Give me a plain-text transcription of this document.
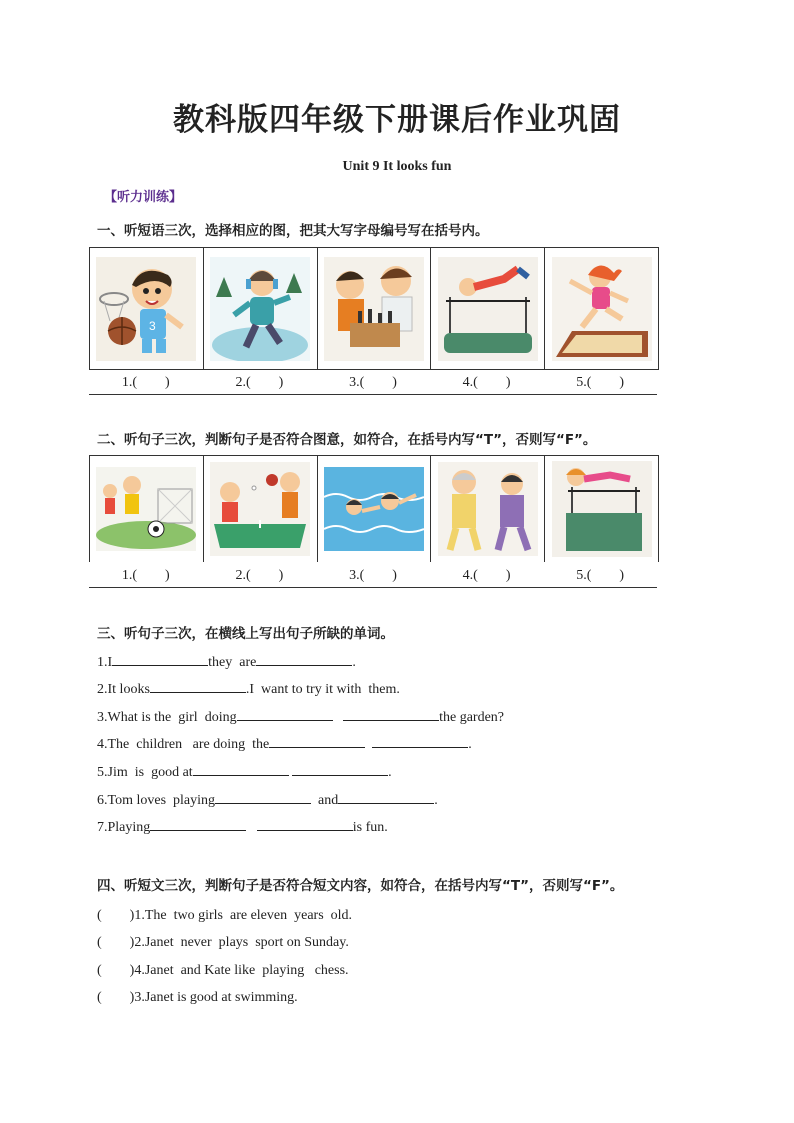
教科版四年级下册课后作业巩固
Unit 9 It looks fun
【听力训练】
一、听短语三次，选择相应的图，把其大写字母编号写在括号内。
3
1.(　　)	2.(　　)	3.(　　)	4.(　　)	5.(　　)
二、听句子三次，判断句子是否符合图意，如符合，在括号内写“T”，否则写“F”。
1.(　　)	2.(　　)	3.(　　)	4.(　　)	5.(　　)
三、听句子三次，在横线上写出句子所缺的单词。
1.I	they  are	.
2.It looks	.I  want to try it with  them.
3.What is the  girl  doing	the garden?
4.The  children   are doing  the	.
5.Jim  is  good at	.
6.Tom loves  playing	and	.
7.Playing	is fun.
四、听短文三次，判断句子是否符合短文内容，如符合，在括号内写“T”，否则写“F”。
(　　)1.The  two girls  are eleven  years  old.
(　　)2.Janet  never  plays  sport on Sunday.
(　　)4.Janet  and Kate like  playing   chess.
(　　)3.Janet is good at swimming.
